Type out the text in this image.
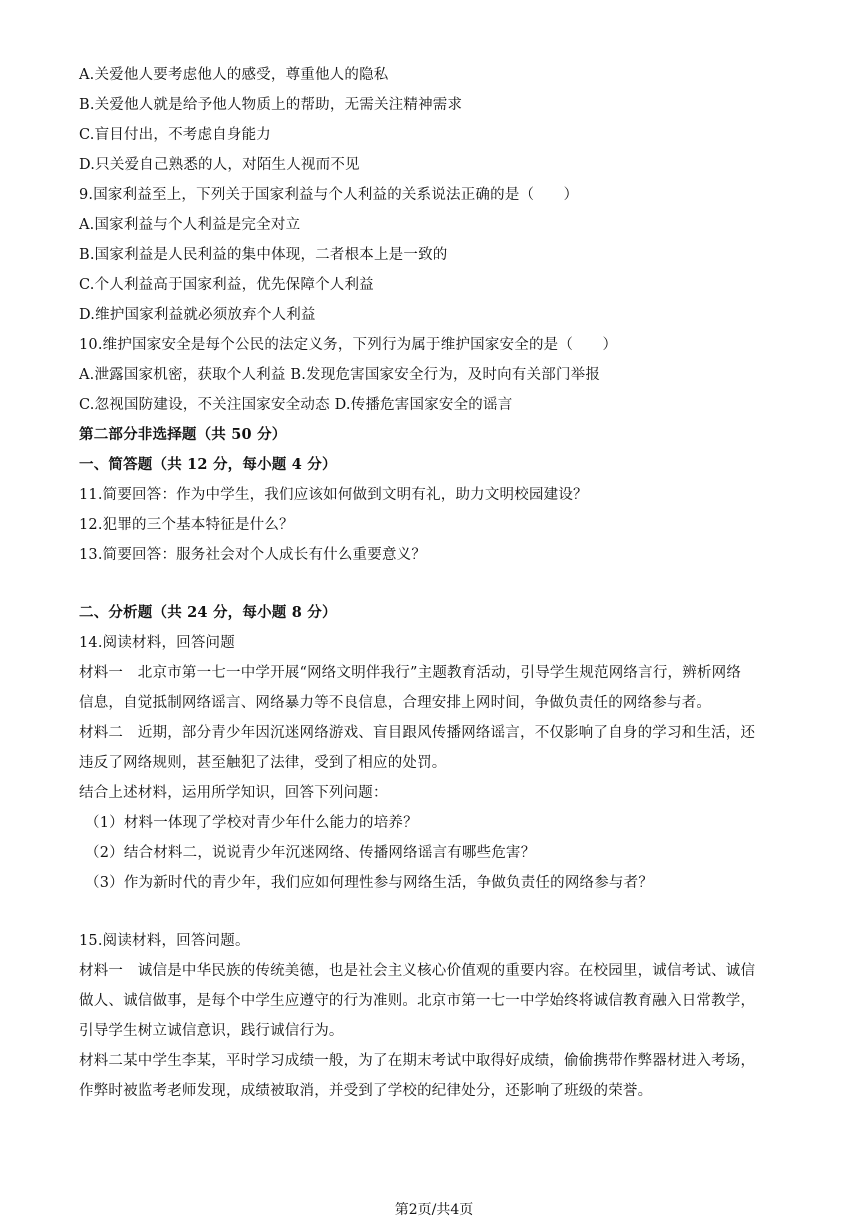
A.关爱他人要考虑他人的感受，尊重他人的隐私
B.关爱他人就是给予他人物质上的帮助，无需关注精神需求
C.盲目付出，不考虑自身能力
D.只关爱自己熟悉的人，对陌生人视而不见
9.国家利益至上，下列关于国家利益与个人利益的关系说法正确的是（　　）
A.国家利益与个人利益是完全对立
B.国家利益是人民利益的集中体现，二者根本上是一致的
C.个人利益高于国家利益，优先保障个人利益
D.维护国家利益就必须放弃个人利益
10.维护国家安全是每个公民的法定义务，下列行为属于维护国家安全的是（　　）
A.泄露国家机密，获取个人利益 B.发现危害国家安全行为，及时向有关部门举报
C.忽视国防建设，不关注国家安全动态 D.传播危害国家安全的谣言
第二部分非选择题（共 50 分）
一、简答题（共 12 分，每小题 4 分）
11.简要回答：作为中学生，我们应该如何做到文明有礼，助力文明校园建设？
12.犯罪的三个基本特征是什么？
13.简要回答：服务社会对个人成长有什么重要意义？
二、分析题（共 24 分，每小题 8 分）
14.阅读材料，回答问题
材料一　北京市第一七一中学开展“网络文明伴我行”主题教育活动，引导学生规范网络言行，辨析网络
信息，自觉抵制网络谣言、网络暴力等不良信息，合理安排上网时间，争做负责任的网络参与者。
材料二　近期，部分青少年因沉迷网络游戏、盲目跟风传播网络谣言，不仅影响了自身的学习和生活，还
违反了网络规则，甚至触犯了法律，受到了相应的处罚。
结合上述材料，运用所学知识，回答下列问题：
（1）材料一体现了学校对青少年什么能力的培养？
（2）结合材料二，说说青少年沉迷网络、传播网络谣言有哪些危害？
（3）作为新时代的青少年，我们应如何理性参与网络生活，争做负责任的网络参与者？
15.阅读材料，回答问题。
材料一　诚信是中华民族的传统美德，也是社会主义核心价值观的重要内容。在校园里，诚信考试、诚信
做人、诚信做事，是每个中学生应遵守的行为准则。北京市第一七一中学始终将诚信教育融入日常教学，
引导学生树立诚信意识，践行诚信行为。
材料二某中学生李某，平时学习成绩一般，为了在期末考试中取得好成绩，偷偷携带作弊器材进入考场，
作弊时被监考老师发现，成绩被取消，并受到了学校的纪律处分，还影响了班级的荣誉。
第2页/共4页
